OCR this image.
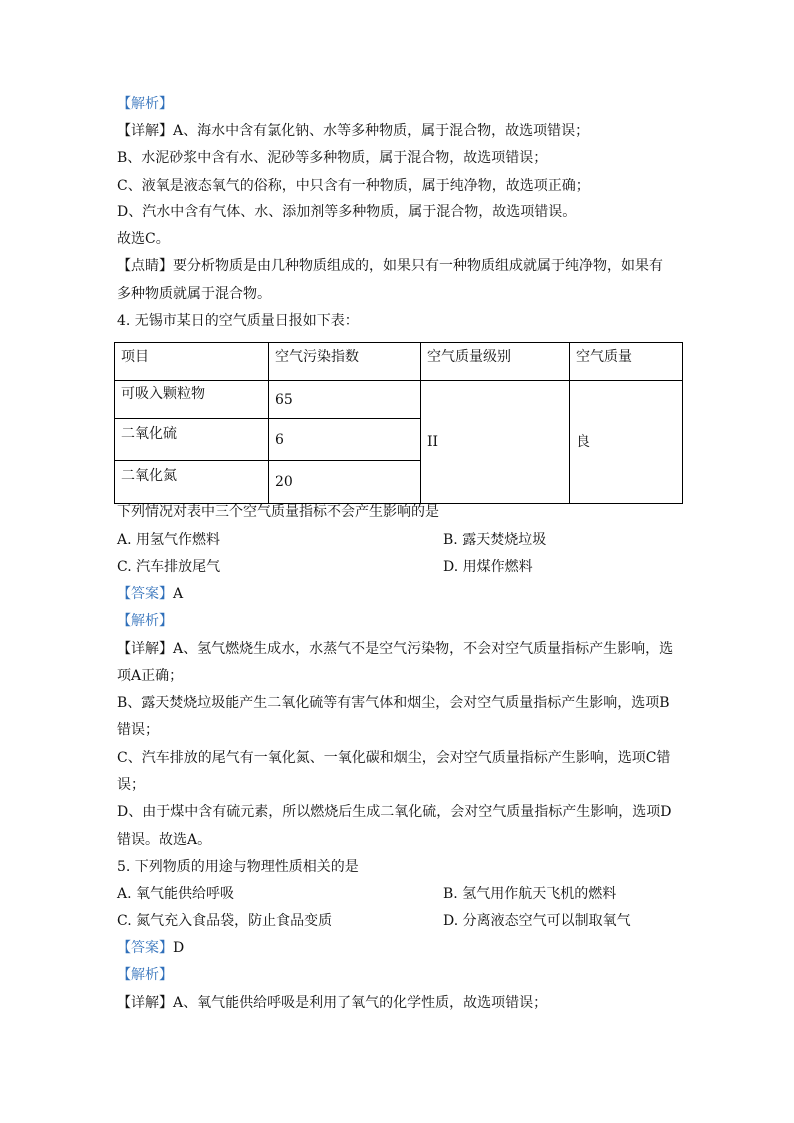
【解析】
【详解】A、海水中含有氯化钠、水等多种物质，属于混合物，故选项错误；
B、水泥砂浆中含有水、泥砂等多种物质，属于混合物，故选项错误；
C、液氧是液态氧气的俗称，中只含有一种物质，属于纯净物，故选项正确；
D、汽水中含有气体、水、添加剂等多种物质，属于混合物，故选项错误。
故选C。
【点睛】要分析物质是由几种物质组成的，如果只有一种物质组成就属于纯净物，如果有
多种物质就属于混合物。
4. 无锡市某日的空气质量日报如下表：
项目	空气污染指数	空气质量级别	空气质量
可吸入颗粒物	65	II	良
二氧化硫	6		
二氧化氮	20		
下列情况对表中三个空气质量指标不会产生影响的是
A. 用氢气作燃料	B. 露天焚烧垃圾
C. 汽车排放尾气	D. 用煤作燃料
【答案】A
【解析】
【详解】A、氢气燃烧生成水，水蒸气不是空气污染物，不会对空气质量指标产生影响，选
项A正确；
B、露天焚烧垃圾能产生二氧化硫等有害气体和烟尘，会对空气质量指标产生影响，选项B
错误；
C、汽车排放的尾气有一氧化氮、一氧化碳和烟尘，会对空气质量指标产生影响，选项C错
误；
D、由于煤中含有硫元素，所以燃烧后生成二氧化硫，会对空气质量指标产生影响，选项D
错误。故选A。
5. 下列物质的用途与物理性质相关的是
A. 氧气能供给呼吸	B. 氢气用作航天飞机的燃料
C. 氮气充入食品袋，防止食品变质	D. 分离液态空气可以制取氧气
【答案】D
【解析】
【详解】A、氧气能供给呼吸是利用了氧气的化学性质，故选项错误；
